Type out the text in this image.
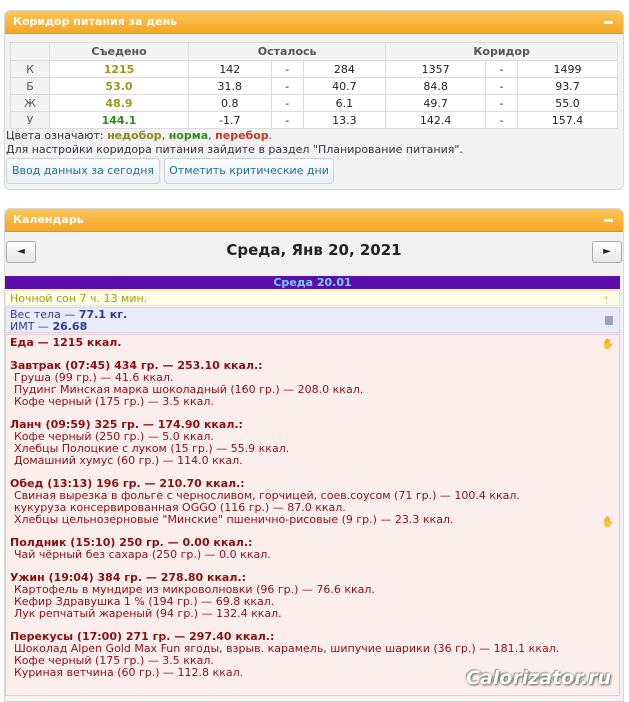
Коридор питания за день
	Съедено	Осталось			Коридор		
К	1215	142	-	284	1357	-	1499
Б	53.0	31.8	-	40.7	84.8	-	93.7
Ж	48.9	0.8	-	6.1	49.7	-	55.0
У	144.1	-1.7	-	13.3	142.4	-	157.4
Цвета означают: недобор, норма, перебор.
Для настройки коридора питания зайдите в раздел "Планирование питания".
Ввод данных за сегодня	Отметить критические дни
Календарь
◄	Среда, Янв 20, 2021	►
Среда 20.01
Ночной сон 7 ч. 13 мин.	⇡
Вес тела — 77.1 кг.
ИМТ — 26.68
Еда — 1215 ккал.	✋
✋
Завтрак (07:45) 434 гр. — 253.10 ккал.:
Груша (99 гр.) — 41.6 ккал.
Пудинг Минская марка шоколадный (160 гр.) — 208.0 ккал.
Кофе черный (175 гр.) — 3.5 ккал.
Ланч (09:59) 325 гр. — 174.90 ккал.:
Кофе черный (250 гр.) — 5.0 ккал.
Хлебцы Полоцкие с луком (15 гр.) — 55.9 ккал.
Домашний хумус (60 гр.) — 114.0 ккал.
Обед (13:13) 196 гр. — 210.70 ккал.:
Свиная вырезка в фольге с черносливом, горчицей, соев.соусом (71 гр.) — 100.4 ккал.
кукуруза консервированная OGGO (116 гр.) — 87.0 ккал.
Хлебцы цельнозерновые "Минские" пшенично-рисовые (9 гр.) — 23.3 ккал.
Полдник (15:10) 250 гр. — 0.00 ккал.:
Чай чёрный без сахара (250 гр.) — 0.0 ккал.
Ужин (19:04) 384 гр. — 278.80 ккал.:
Картофель в мундире из микроволновки (96 гр.) — 76.6 ккал.
Кефир Здравушка 1 % (194 гр.) — 69.8 ккал.
Лук репчатый жареный (94 гр.) — 132.4 ккал.
Перекусы (17:00) 271 гр. — 297.40 ккал.:
Шоколад Alpen Gold Max Fun ягоды, взрыв. карамель, шипучие шарики (36 гр.) — 181.1 ккал.
Кофе черный (175 гр.) — 3.5 ккал.
Куриная ветчина (60 гр.) — 112.8 ккал.	Calorizator.ru
